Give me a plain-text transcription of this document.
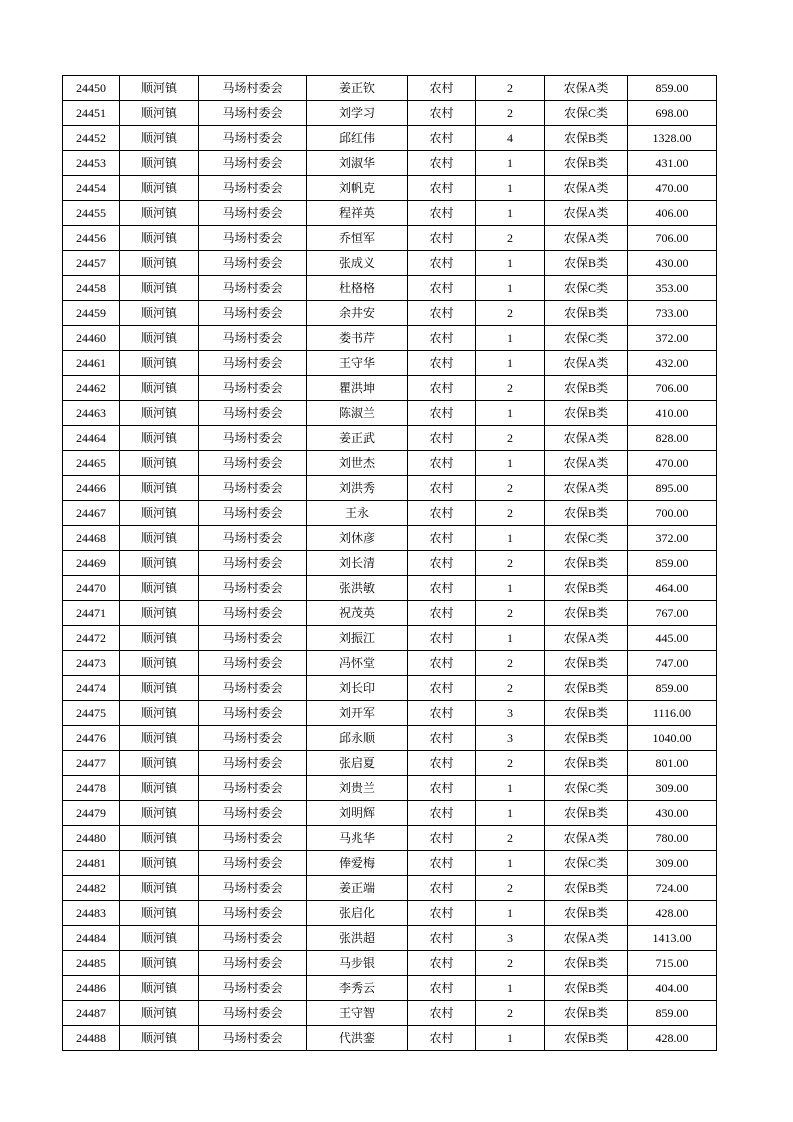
24450	顺河镇	马场村委会	姜正钦	农村	2	农保A类	859.00
24451	顺河镇	马场村委会	刘学习	农村	2	农保C类	698.00
24452	顺河镇	马场村委会	邱红伟	农村	4	农保B类	1328.00
24453	顺河镇	马场村委会	刘淑华	农村	1	农保B类	431.00
24454	顺河镇	马场村委会	刘帆克	农村	1	农保A类	470.00
24455	顺河镇	马场村委会	程祥英	农村	1	农保A类	406.00
24456	顺河镇	马场村委会	乔恒军	农村	2	农保A类	706.00
24457	顺河镇	马场村委会	张成义	农村	1	农保B类	430.00
24458	顺河镇	马场村委会	杜格格	农村	1	农保C类	353.00
24459	顺河镇	马场村委会	余井安	农村	2	农保B类	733.00
24460	顺河镇	马场村委会	娄书芹	农村	1	农保C类	372.00
24461	顺河镇	马场村委会	王守华	农村	1	农保A类	432.00
24462	顺河镇	马场村委会	瞿洪坤	农村	2	农保B类	706.00
24463	顺河镇	马场村委会	陈淑兰	农村	1	农保B类	410.00
24464	顺河镇	马场村委会	姜正武	农村	2	农保A类	828.00
24465	顺河镇	马场村委会	刘世杰	农村	1	农保A类	470.00
24466	顺河镇	马场村委会	刘洪秀	农村	2	农保A类	895.00
24467	顺河镇	马场村委会	王永	农村	2	农保B类	700.00
24468	顺河镇	马场村委会	刘休彦	农村	1	农保C类	372.00
24469	顺河镇	马场村委会	刘长清	农村	2	农保B类	859.00
24470	顺河镇	马场村委会	张洪敏	农村	1	农保B类	464.00
24471	顺河镇	马场村委会	祝茂英	农村	2	农保B类	767.00
24472	顺河镇	马场村委会	刘振江	农村	1	农保A类	445.00
24473	顺河镇	马场村委会	冯怀堂	农村	2	农保B类	747.00
24474	顺河镇	马场村委会	刘长印	农村	2	农保B类	859.00
24475	顺河镇	马场村委会	刘开军	农村	3	农保B类	1116.00
24476	顺河镇	马场村委会	邱永顺	农村	3	农保B类	1040.00
24477	顺河镇	马场村委会	张启夏	农村	2	农保B类	801.00
24478	顺河镇	马场村委会	刘贵兰	农村	1	农保C类	309.00
24479	顺河镇	马场村委会	刘明辉	农村	1	农保B类	430.00
24480	顺河镇	马场村委会	马兆华	农村	2	农保A类	780.00
24481	顺河镇	马场村委会	俸爱梅	农村	1	农保C类	309.00
24482	顺河镇	马场村委会	姜正端	农村	2	农保B类	724.00
24483	顺河镇	马场村委会	张启化	农村	1	农保B类	428.00
24484	顺河镇	马场村委会	张洪超	农村	3	农保A类	1413.00
24485	顺河镇	马场村委会	马步银	农村	2	农保B类	715.00
24486	顺河镇	马场村委会	李秀云	农村	1	农保B类	404.00
24487	顺河镇	马场村委会	王守智	农村	2	农保B类	859.00
24488	顺河镇	马场村委会	代洪銮	农村	1	农保B类	428.00
